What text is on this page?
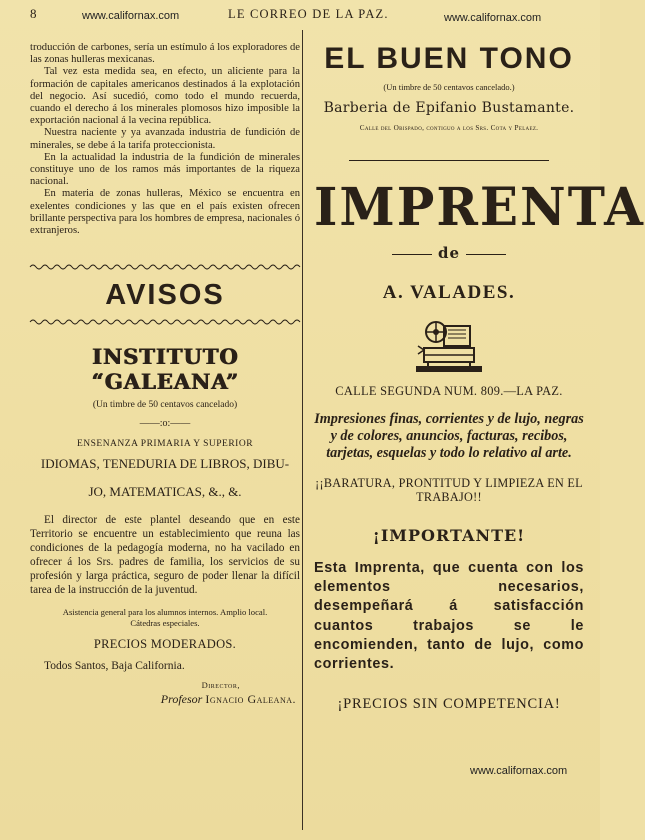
8	www.californax.com	LE CORREO DE LA PAZ.	www.californax.com

troducción de carbones, sería un estímulo á los exploradores de las zonas hulleras mexicanas.

Tal vez esta medida sea, en efecto, un aliciente para la formación de capitales americanos destinados á la explotación del negocio. Así sucedió, como todo el mundo recuerda, cuando el derecho á los minerales plomosos hizo imposible la exportación nacional á la vecina república.

Nuestra naciente y ya avanzada industria de fundición de minerales, se debe á la tarifa proteccionista.

En la actualidad la industria de la fundición de minerales constituye uno de los ramos más importantes de la riqueza nacional.

En materia de zonas hulleras, México se encuentra en exelentes condiciones y las que en el país existen ofrecen brillante perspectiva para los hombres de empresa, nacionales ó extranjeros.

AVISOS
INSTITUTO “GALEANA”

(Un timbre de 50 centavos cancelado)

——:o:——

ENSENANZA PRIMARIA Y SUPERIOR

IDIOMAS, TENEDURIA DE LIBROS, DIBU-

JO, MATEMATICAS, &., &.

El director de este plantel deseando que en este Territorio se encuentre un establecimiento que reuna las condiciones de la pedagogía moderna, no ha vacilado en ofrecer á los Srs. padres de familia, los servicios de su profesión y larga práctica, seguro de poder llenar la difícil tarea de la instrucción de la juventud.

Asistencia general para los alumnos internos. Amplio local.

Cátedras especiales.

PRECIOS MODERADOS.

Todos Santos, Baja California.

Director,

Profesor Ignacio Galeana.

EL BUEN TONO

(Un timbre de 50 centavos cancelado.)

Barberia de Epifanio Bustamante.

Calle del Obispado, contiguo a los Srs. Cota y Pelaez.

IMPRENTA

de

A. VALADES.

CALLE SEGUNDA NUM. 809.—LA PAZ.

Impresiones finas, corrientes y de lujo, negras y de colores, anuncios, facturas, recibos, tarjetas, esquelas y todo lo relativo al arte.

¡¡BARATURA, PRONTITUD Y LIMPIEZA EN EL TRABAJO!!

¡IMPORTANTE!

Esta Imprenta, que cuenta con los elementos necesarios, desempeñará á satisfacción cuantos trabajos se le encomienden, tanto de lujo, como corrientes.

¡PRECIOS SIN COMPETENCIA!

www.californax.com
